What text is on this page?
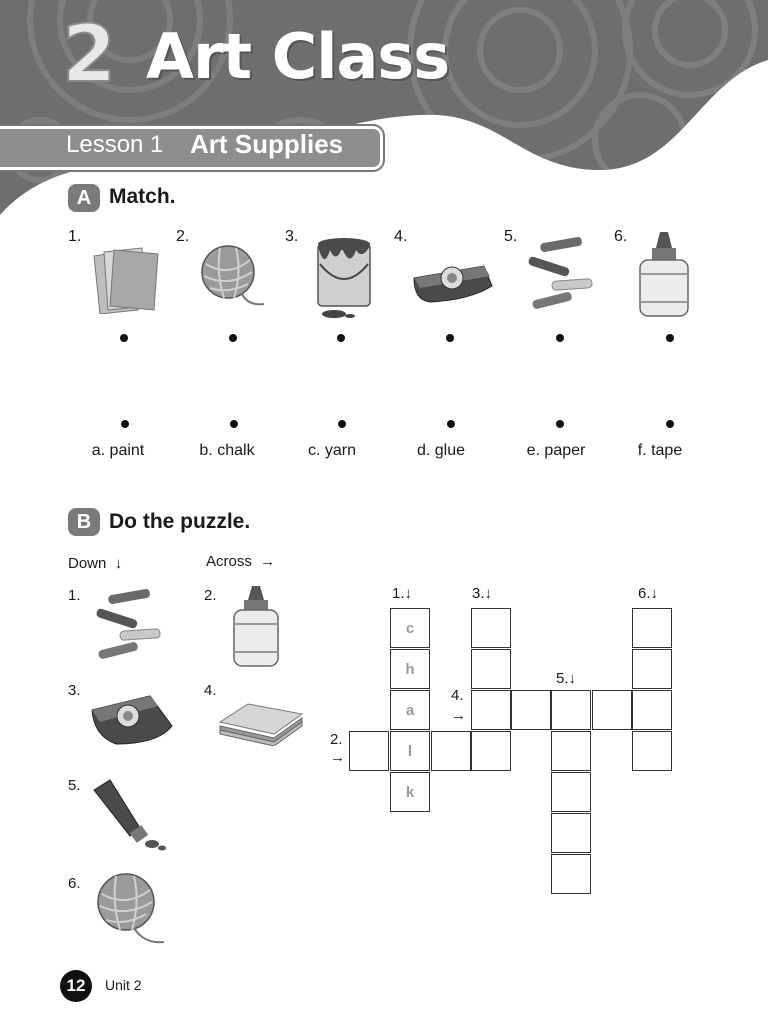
2 Art Class
Lesson 1 Art Supplies
A Match.
1.	2.	3.	4.	5.	6.
a. paint	b. chalk	c. yarn	d. glue	e. paper	f. tape
B Do the puzzle.
Down  ↓	Across  →
1.
3.
5.
6.
2.
4.
1.↓	3.↓	6.↓
5.↓
4.
→
2.
→
c
h
a
l
k
12	Unit 2
